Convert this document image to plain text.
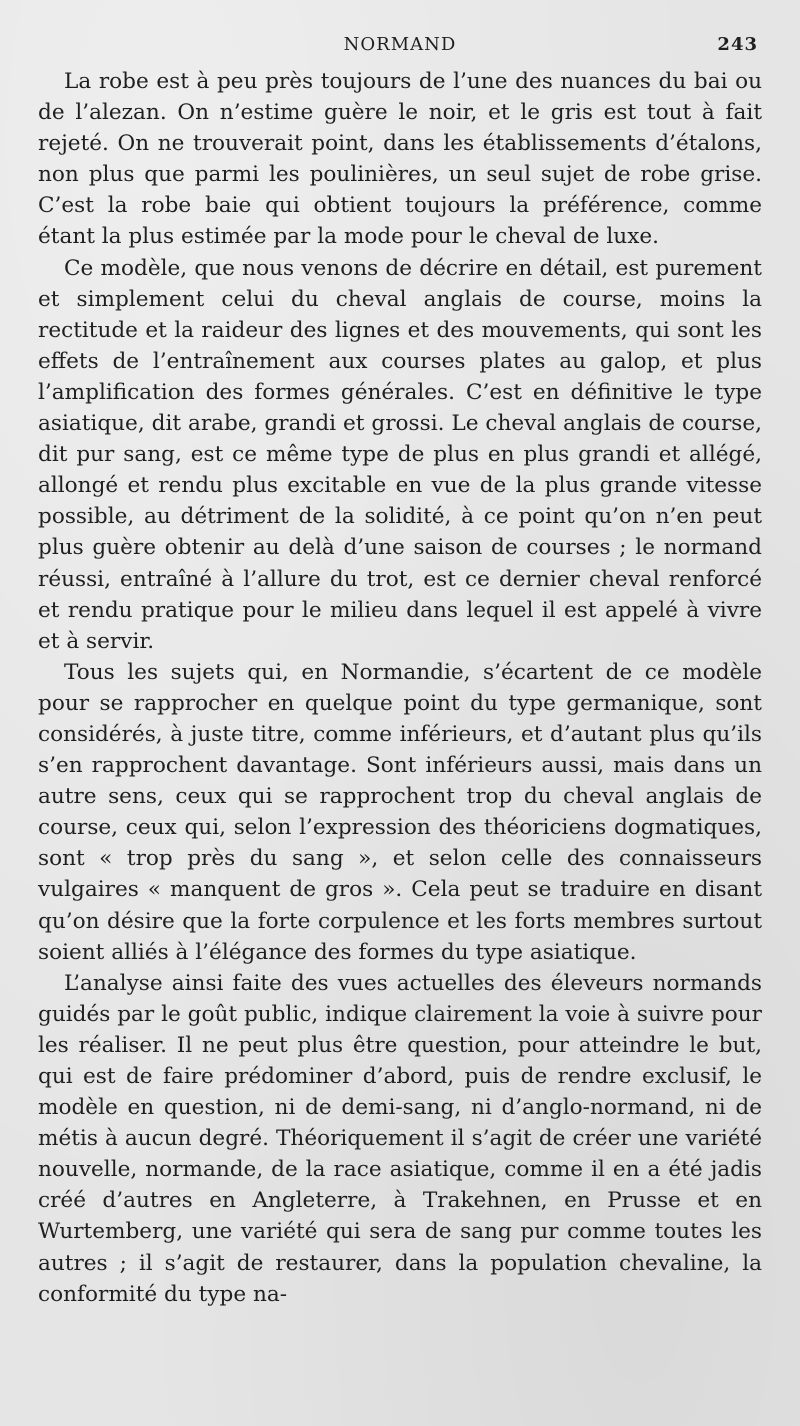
NORMAND	243

La robe est à peu près toujours de l’une des nuances du bai ou de l’alezan. On n’estime guère le noir, et le gris est tout à fait rejeté. On ne trouverait point, dans les établissements d’étalons, non plus que parmi les poulinières, un seul sujet de robe grise. C’est la robe baie qui obtient toujours la préférence, comme étant la plus estimée par la mode pour le cheval de luxe.

Ce modèle, que nous venons de décrire en détail, est purement et simplement celui du cheval anglais de course, moins la rectitude et la raideur des lignes et des mouvements, qui sont les effets de l’entraînement aux courses plates au galop, et plus l’amplification des formes générales. C’est en définitive le type asiatique, dit arabe, grandi et grossi. Le cheval anglais de course, dit pur sang, est ce même type de plus en plus grandi et allégé, allongé et rendu plus excitable en vue de la plus grande vitesse possible, au détriment de la solidité, à ce point qu’on n’en peut plus guère obtenir au delà d’une saison de courses ; le normand réussi, entraîné à l’allure du trot, est ce dernier cheval renforcé et rendu pratique pour le milieu dans lequel il est appelé à vivre et à servir.

Tous les sujets qui, en Normandie, s’écartent de ce modèle pour se rapprocher en quelque point du type germanique, sont considérés, à juste titre, comme inférieurs, et d’autant plus qu’ils s’en rapprochent davantage. Sont inférieurs aussi, mais dans un autre sens, ceux qui se rapprochent trop du cheval anglais de course, ceux qui, selon l’expression des théoriciens dogmatiques, sont « trop près du sang », et selon celle des connaisseurs vulgaires « manquent de gros ». Cela peut se traduire en disant qu’on désire que la forte corpulence et les forts membres surtout soient alliés à l’élégance des formes du type asiatique.

L’analyse ainsi faite des vues actuelles des éleveurs normands guidés par le goût public, indique clairement la voie à suivre pour les réaliser. Il ne peut plus être question, pour atteindre le but, qui est de faire prédominer d’abord, puis de rendre exclusif, le modèle en question, ni de demi-sang, ni d’anglo-normand, ni de métis à aucun degré. Théoriquement il s’agit de créer une variété nouvelle, normande, de la race asiatique, comme il en a été jadis créé d’autres en Angleterre, à Trakehnen, en Prusse et en Wurtemberg, une variété qui sera de sang pur comme toutes les autres ; il s’agit de restaurer, dans la population chevaline, la conformité du type na-
